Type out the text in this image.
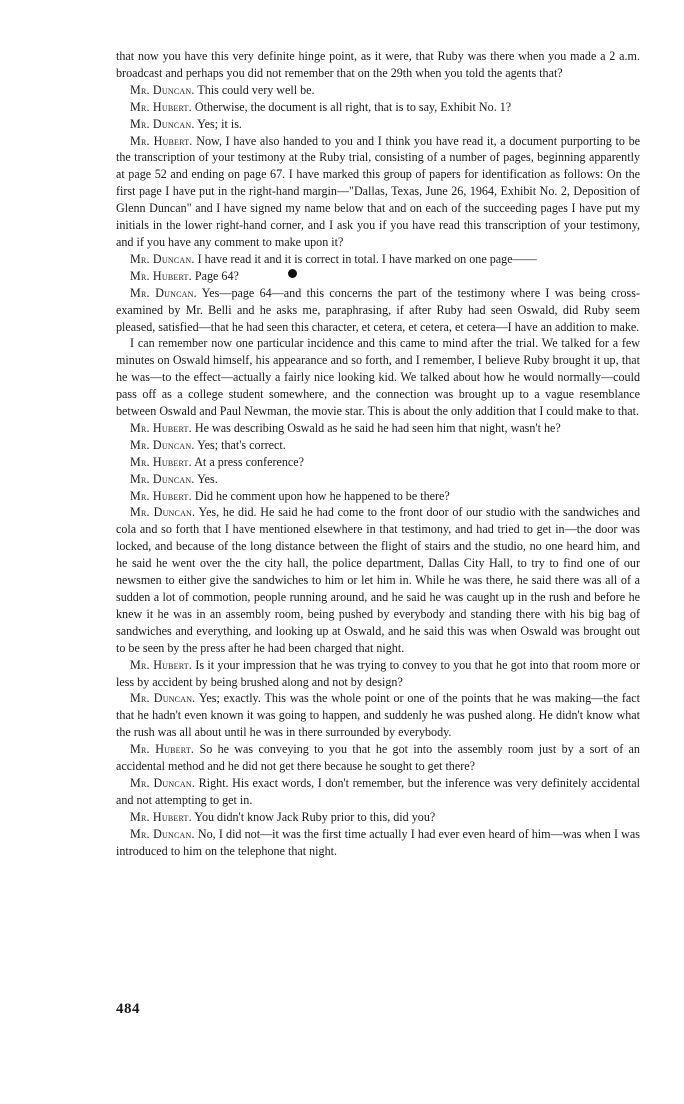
that now you have this very definite hinge point, as it were, that Ruby was there when you made a 2 a.m. broadcast and perhaps you did not remember that on the 29th when you told the agents that?

Mr. Duncan. This could very well be.

Mr. Hubert. Otherwise, the document is all right, that is to say, Exhibit No. 1?

Mr. Duncan. Yes; it is.

Mr. Hubert. Now, I have also handed to you and I think you have read it, a document purporting to be the transcription of your testimony at the Ruby trial, consisting of a number of pages, beginning apparently at page 52 and ending on page 67. I have marked this group of papers for identification as follows: On the first page I have put in the right-hand margin—"Dallas, Texas, June 26, 1964, Exhibit No. 2, Deposition of Glenn Duncan" and I have signed my name below that and on each of the succeeding pages I have put my initials in the lower right-hand corner, and I ask you if you have read this transcription of your testimony, and if you have any comment to make upon it?

Mr. Duncan. I have read it and it is correct in total. I have marked on one page——

Mr. Hubert. Page 64?

Mr. Duncan. Yes—page 64—and this concerns the part of the testimony where I was being cross-examined by Mr. Belli and he asks me, paraphrasing, if after Ruby had seen Oswald, did Ruby seem pleased, satisfied—that he had seen this character, et cetera, et cetera, et cetera—I have an addition to make.

I can remember now one particular incidence and this came to mind after the trial. We talked for a few minutes on Oswald himself, his appearance and so forth, and I remember, I believe Ruby brought it up, that he was—to the effect—actually a fairly nice looking kid. We talked about how he would normally—could pass off as a college student somewhere, and the connection was brought up to a vague resemblance between Oswald and Paul Newman, the movie star. This is about the only addition that I could make to that.

Mr. Hubert. He was describing Oswald as he said he had seen him that night, wasn't he?

Mr. Duncan. Yes; that's correct.

Mr. Hubert. At a press conference?

Mr. Duncan. Yes.

Mr. Hubert. Did he comment upon how he happened to be there?

Mr. Duncan. Yes, he did. He said he had come to the front door of our studio with the sandwiches and cola and so forth that I have mentioned elsewhere in that testimony, and had tried to get in—the door was locked, and because of the long distance between the flight of stairs and the studio, no one heard him, and he said he went over the the city hall, the police department, Dallas City Hall, to try to find one of our newsmen to either give the sandwiches to him or let him in. While he was there, he said there was all of a sudden a lot of commotion, people running around, and he said he was caught up in the rush and before he knew it he was in an assembly room, being pushed by everybody and standing there with his big bag of sandwiches and everything, and looking up at Oswald, and he said this was when Oswald was brought out to be seen by the press after he had been charged that night.

Mr. Hubert. Is it your impression that he was trying to convey to you that he got into that room more or less by accident by being brushed along and not by design?

Mr. Duncan. Yes; exactly. This was the whole point or one of the points that he was making—the fact that he hadn't even known it was going to happen, and suddenly he was pushed along. He didn't know what the rush was all about until he was in there surrounded by everybody.

Mr. Hubert. So he was conveying to you that he got into the assembly room just by a sort of an accidental method and he did not get there because he sought to get there?

Mr. Duncan. Right. His exact words, I don't remember, but the inference was very definitely accidental and not attempting to get in.

Mr. Hubert. You didn't know Jack Ruby prior to this, did you?

Mr. Duncan. No, I did not—it was the first time actually I had ever even heard of him—was when I was introduced to him on the telephone that night.

484
